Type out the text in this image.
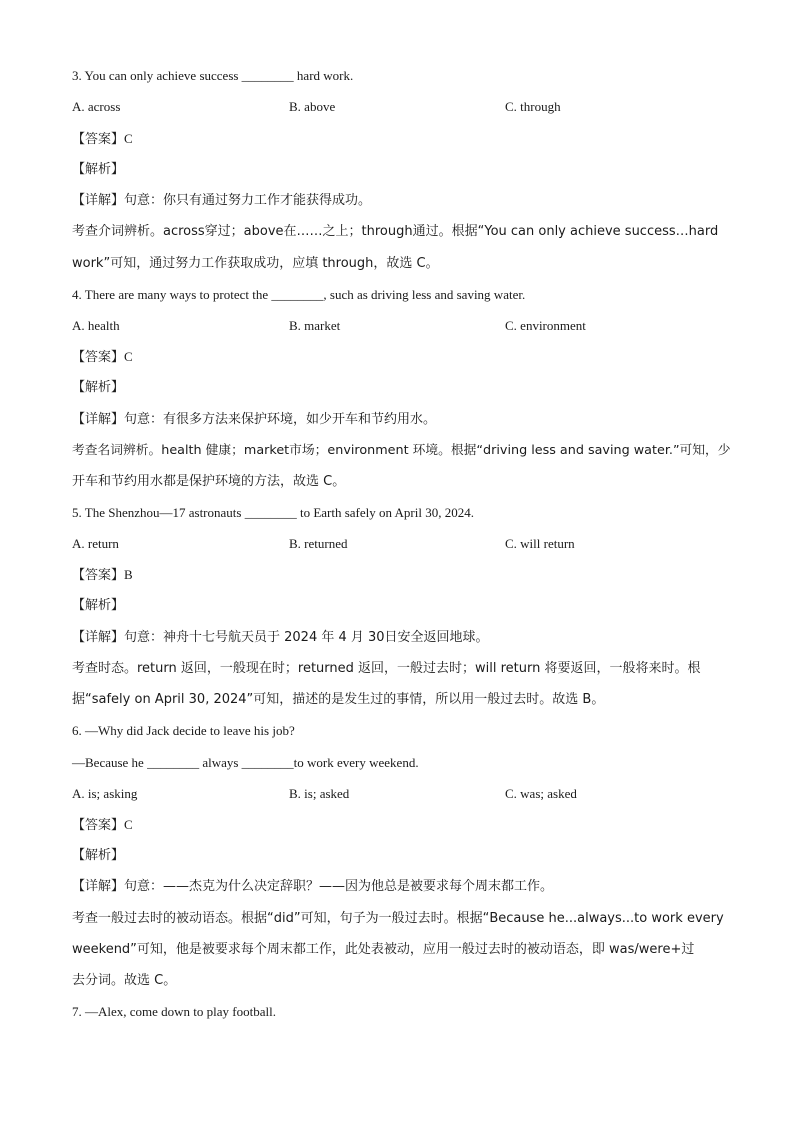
3. You can only achieve success ________ hard work.
A. across	B. above	C. through
【答案】C
【解析】
【详解】句意：你只有通过努力工作才能获得成功。
考查介词辨析。across穿过；above在……之上；through通过。根据“You can only achieve success…hard
work”可知，通过努力工作获取成功，应填 through，故选 C。
4. There are many ways to protect the ________, such as driving less and saving water.
A. health	B. market	C. environment
【答案】C
【解析】
【详解】句意：有很多方法来保护环境，如少开车和节约用水。
考查名词辨析。health 健康；market市场；environment 环境。根据“driving less and saving water.”可知，少
开车和节约用水都是保护环境的方法，故选 C。
5. The Shenzhou—17 astronauts ________ to Earth safely on April 30, 2024.
A. return	B. returned	C. will return
【答案】B
【解析】
【详解】句意：神舟十七号航天员于 2024 年 4 月 30日安全返回地球。
考查时态。return 返回，一般现在时；returned 返回，一般过去时；will return 将要返回，一般将来时。根
据“safely on April 30, 2024”可知，描述的是发生过的事情，所以用一般过去时。故选 B。
6. —Why did Jack decide to leave his job?
—Because he ________ always ________to work every weekend.
A. is; asking	B. is; asked	C. was; asked
【答案】C
【解析】
【详解】句意：——杰克为什么决定辞职？——因为他总是被要求每个周末都工作。
考查一般过去时的被动语态。根据“did”可知，句子为一般过去时。根据“Because he...always...to work every
weekend”可知，他是被要求每个周末都工作，此处表被动，应用一般过去时的被动语态，即 was/were+过
去分词。故选 C。
7. —Alex, come down to play football.
